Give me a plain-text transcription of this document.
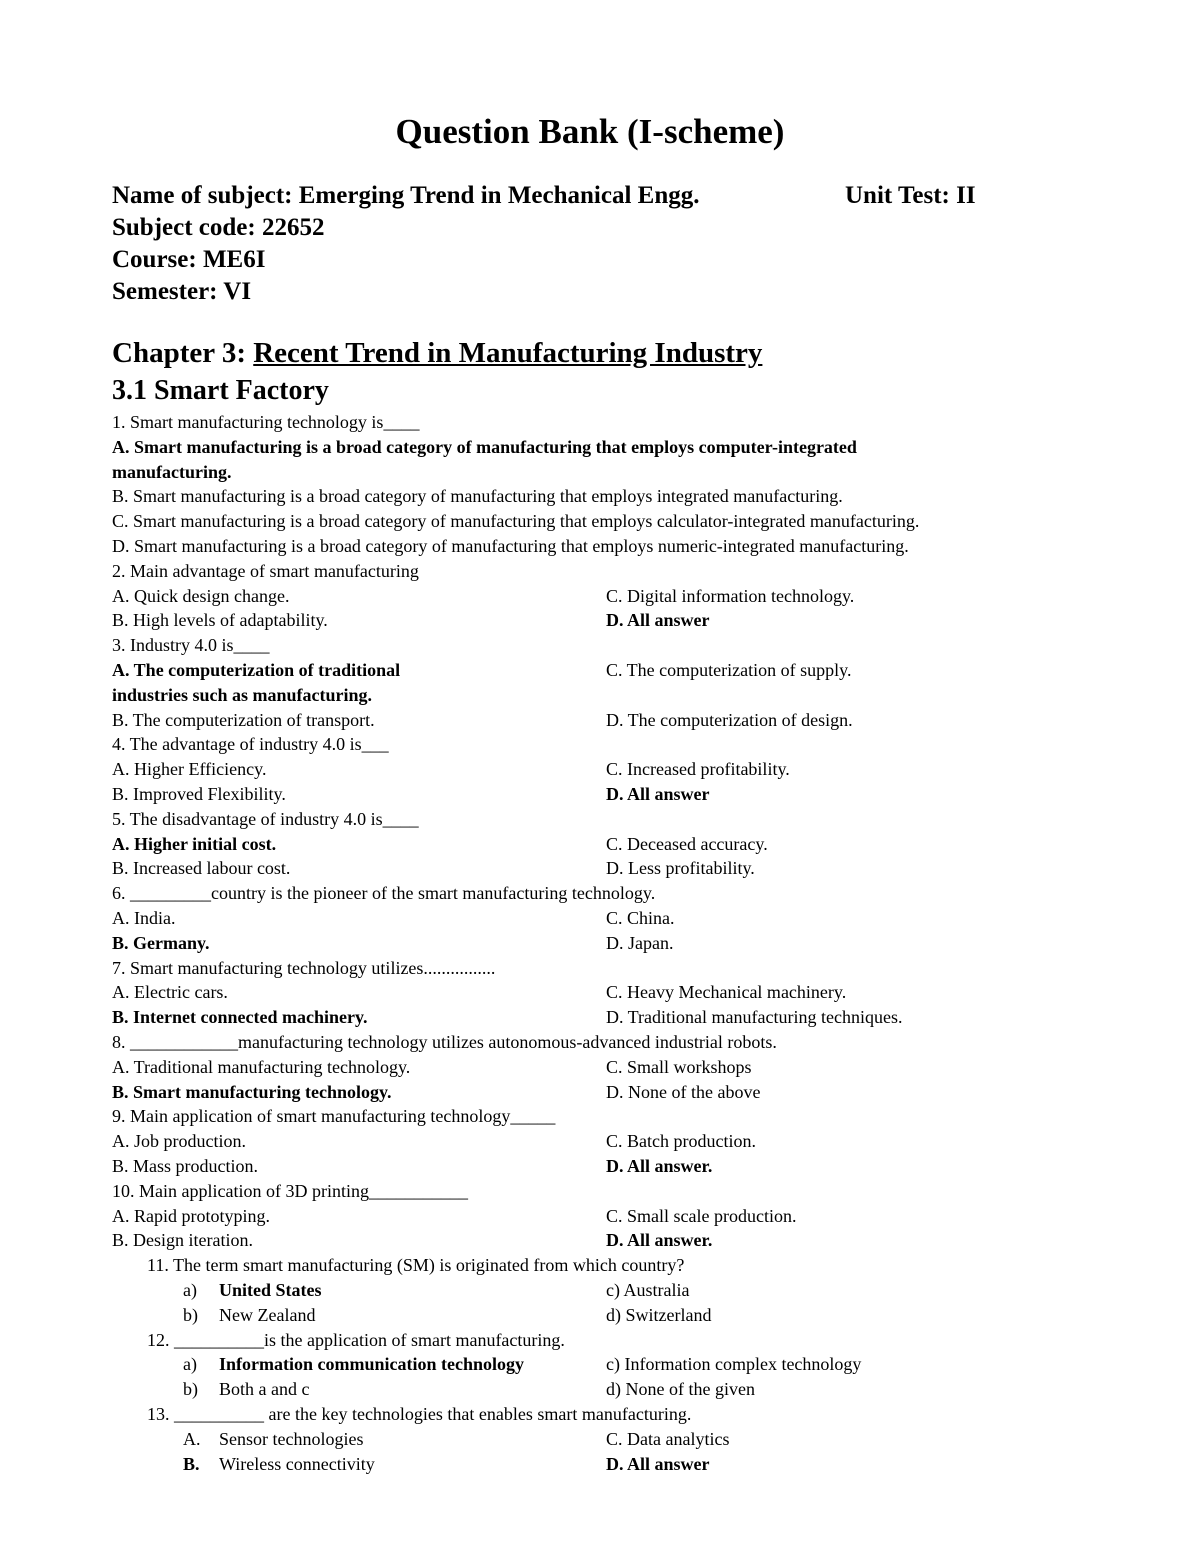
Question Bank (I-scheme)
Name of subject: Emerging Trend in Mechanical Engg.	Unit Test: II
Subject code: 22652
Course: ME6I
Semester: VI
Chapter 3: Recent Trend in Manufacturing Industry
3.1 Smart Factory
1. Smart manufacturing technology is____
A. Smart manufacturing is a broad category of manufacturing that employs computer-integrated
manufacturing.
B. Smart manufacturing is a broad category of manufacturing that employs integrated manufacturing.
C. Smart manufacturing is a broad category of manufacturing that employs calculator-integrated manufacturing.
D. Smart manufacturing is a broad category of manufacturing that employs numeric-integrated manufacturing.
2. Main advantage of smart manufacturing
A. Quick design change.	C. Digital information technology.
B. High levels of adaptability.	D. All answer
3. Industry 4.0 is____
A. The computerization of traditional	C. The computerization of supply.
industries such as manufacturing.
B. The computerization of transport.	D. The computerization of design.
4. The advantage of industry 4.0 is___
A. Higher Efficiency.	C. Increased profitability.
B. Improved Flexibility.	D. All answer
5. The disadvantage of industry 4.0 is____
A. Higher initial cost.	C. Deceased accuracy.
B. Increased labour cost.	D. Less profitability.
6. _________country is the pioneer of the smart manufacturing technology.
A. India.	C. China.
B. Germany.	D. Japan.
7. Smart manufacturing technology utilizes................
A. Electric cars.	C. Heavy Mechanical machinery.
B. Internet connected machinery.	D. Traditional manufacturing techniques.
8. ____________manufacturing technology utilizes autonomous-advanced industrial robots.
A. Traditional manufacturing technology.	C. Small workshops
B. Smart manufacturing technology.	D. None of the above
9. Main application of smart manufacturing technology_____
A. Job production.	C. Batch production.
B. Mass production.	D. All answer.
10. Main application of 3D printing___________
A. Rapid prototyping.	C. Small scale production.
B. Design iteration.	D. All answer.
11. The term smart manufacturing (SM) is originated from which country?
a) United States	c) Australia
b) New Zealand	d) Switzerland
12. __________is the application of smart manufacturing.
a) Information communication technology	c) Information complex technology
b) Both a and c	d) None of the given
13. __________ are the key technologies that enables smart manufacturing.
A. Sensor technologies	C. Data analytics
B. Wireless connectivity	D. All answer
